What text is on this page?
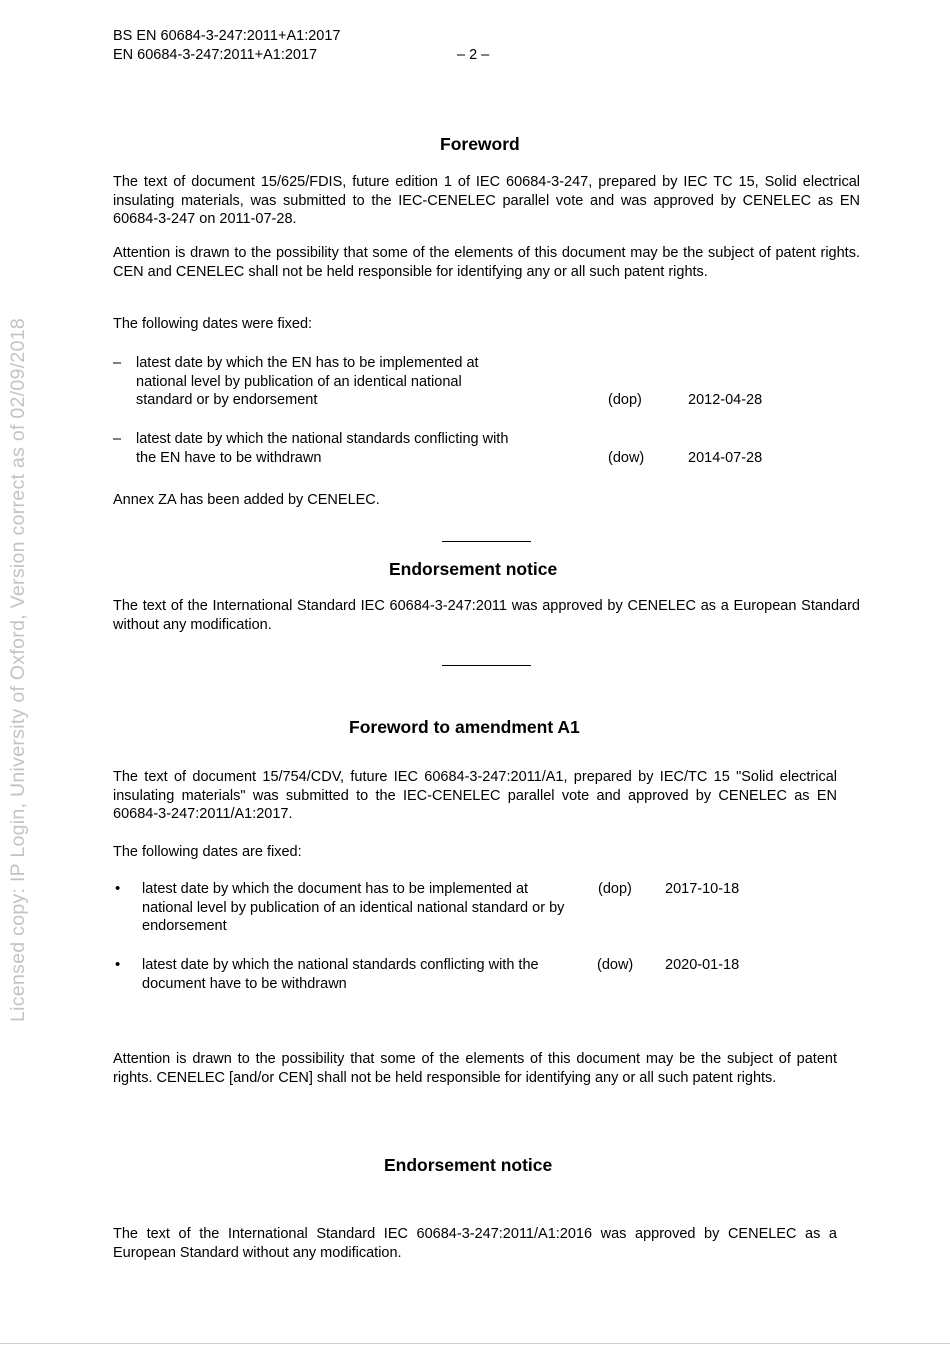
BS EN 60684-3-247:2011+A1:2017
EN 60684-3-247:2011+A1:2017	– 2 –
Licensed copy: IP Login, University of Oxford, Version correct as of 02/09/2018
Foreword

The text of document 15/625/FDIS, future edition 1 of IEC 60684-3-247, prepared by IEC TC 15, Solid electrical insulating materials, was submitted to the IEC-CENELEC parallel vote and was approved by CENELEC as EN 60684-3-247 on 2011-07-28.

Attention is drawn to the possibility that some of the elements of this document may be the subject of patent rights. CEN and CENELEC shall not be held responsible for identifying any or all such patent rights.

The following dates were fixed:

– latest date by which the EN has to be implemented at national level by publication of an identical national standard or by endorsement	(dop)	2012-04-28
– latest date by which the national standards conflicting with the EN have to be withdrawn	(dow)	2014-07-28

Annex ZA has been added by CENELEC.

Endorsement notice

The text of the International Standard IEC 60684-3-247:2011 was approved by CENELEC as a European Standard without any modification.

Foreword to amendment A1

The text of document 15/754/CDV, future IEC 60684-3-247:2011/A1, prepared by IEC/TC 15 "Solid electrical insulating materials" was submitted to the IEC-CENELEC parallel vote and approved by CENELEC as EN 60684-3-247:2011/A1:2017.

The following dates are fixed:

• latest date by which the document has to be implemented at national level by publication of an identical national standard or by endorsement
(dop) 2017-10-18
• latest date by which the national standards conflicting with the document have to be withdrawn
(dow) 2020-01-18

Attention is drawn to the possibility that some of the elements of this document may be the subject of patent rights. CENELEC [and/or CEN] shall not be held responsible for identifying any or all such patent rights.

Endorsement notice

The text of the International Standard IEC 60684-3-247:2011/A1:2016 was approved by CENELEC as a European Standard without any modification.
